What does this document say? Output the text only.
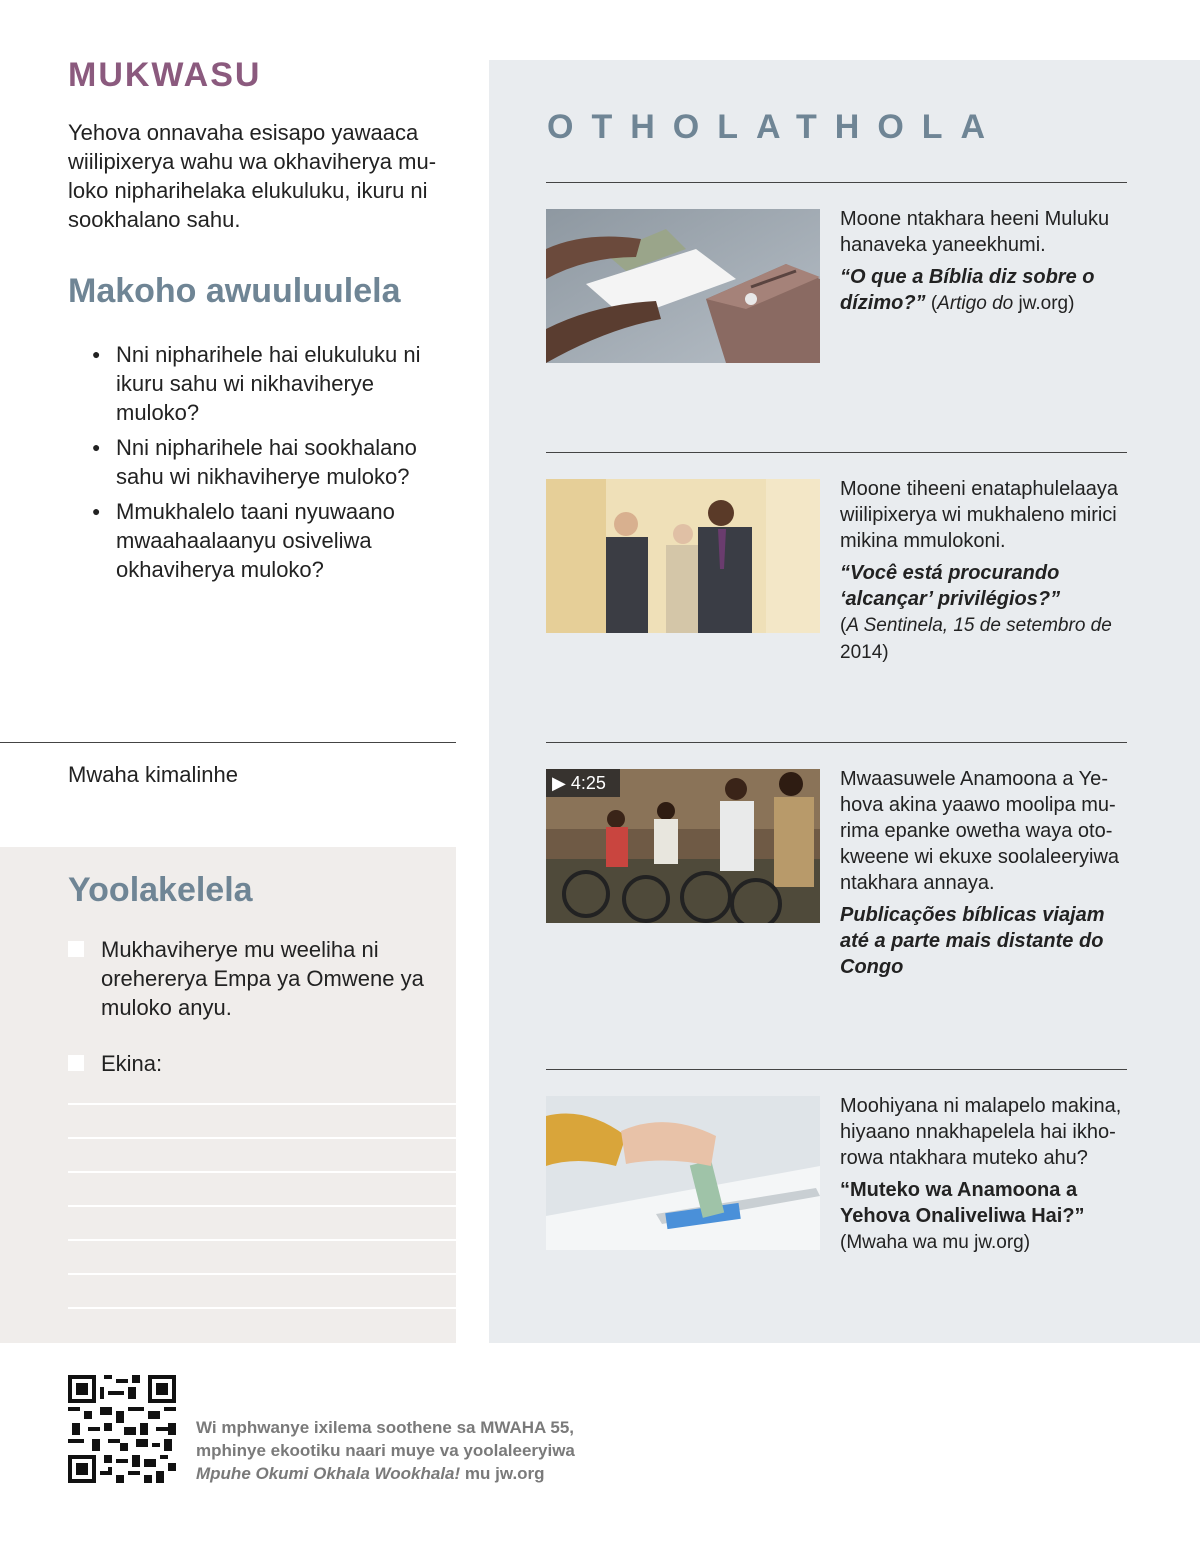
MUKWASU

Yehova onnavaha esisapo yawaaca wiilipixerya wahu wa okhaviherya muloko nipharihelaka elukuluku, ikuru ni sookhalano sahu.

Makoho awuuluulela
● Nni nipharihele hai elukuluku ni ikuru sahu wi nikhaviherye muloko?
● Nni nipharihele hai sookhalano sahu wi nikhaviherye muloko?
● Mmukhalelo taani nyuwaano mwaahaalaanyu osiveliwa okhaviherya muloko?
Mwaha kimalinhe
Yoolakelela
Mukhaviherye mu weeliha ni orehererya Empa ya Omwene ya muloko anyu.
Ekina:
OTHOLATHOLA
Moone ntakhara heeni Muluku hanaveka yaneekhumi.
“O que a Bíblia diz sobre o dízimo?” (Artigo do jw.org)
Moone tiheeni enataphulelaaya wiilipixerya wi mukhaleno mirici mikina mmulokoni.
“Você está procurando ‘alcançar’ privilégios?”
(A Sentinela, 15 de setembro de 2014)
▶ 4:25	Mwaasuwele Anamoona a Yehova akina yaawo moolipa murima epanke owetha waya otokweene wi ekuxe soolaleeryiwa ntakhara annaya.
Publicações bíblicas viajam até a parte mais distante do Congo
Moohiyana ni malapelo makina, hiyaano nnakhapelela hai ikhorowa ntakhara muteko ahu?
“Muteko wa Anamoona a Yehova Onaliveliwa Hai?”
(Mwaha wa mu jw.org)
Wi mphwanye ixilema soothene sa MWAHA 55,
mphinye ekootiku naari muye va yoolaleeryiwa
Mpuhe Okumi Okhala Wookhala! mu jw.org
